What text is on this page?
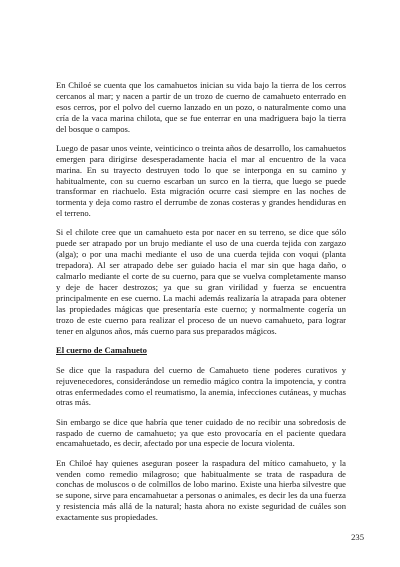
En Chiloé se cuenta que los camahuetos inician su vida bajo la tierra de los cerros cercanos al mar; y nacen a partir de un trozo de cuerno de camahueto enterrado en esos cerros, por el polvo del cuerno lanzado en un pozo, o naturalmente como una cría de la vaca marina chilota, que se fue enterrar en una madriguera bajo la tierra del bosque o campos.

Luego de pasar unos veinte, veinticinco o treinta años de desarrollo, los camahuetos emergen para dirigirse desesperadamente hacia el mar al encuentro de la vaca marina. En su trayecto destruyen todo lo que se interponga en su camino y habitualmente, con su cuerno escarban un surco en la tierra, que luego se puede transformar en riachuelo. Esta migración ocurre casi siempre en las noches de tormenta y deja como rastro el derrumbe de zonas costeras y grandes hendiduras en el terreno.

Si el chilote cree que un camahueto esta por nacer en su terreno, se dice que sólo puede ser atrapado por un brujo mediante el uso de una cuerda tejida con zargazo (alga); o por una machi mediante el uso de una cuerda tejida con voqui (planta trepadora). Al ser atrapado debe ser guiado hacia el mar sin que haga daño, o calmarlo mediante el corte de su cuerno, para que se vuelva completamente manso y deje de hacer destrozos; ya que su gran virilidad y fuerza se encuentra principalmente en ese cuerno. La machi además realizaría la atrapada para obtener las propiedades mágicas que presentaría este cuerno; y normalmente cogería un trozo de este cuerno para realizar el proceso de un nuevo camahueto, para lograr tener en algunos años, más cuerno para sus preparados mágicos.

El cuerno de Camahueto

Se dice que la raspadura del cuerno de Camahueto tiene poderes curativos y rejuvenecedores, considerándose un remedio mágico contra la impotencia, y contra otras enfermedades como el reumatismo, la anemia, infecciones cutáneas, y muchas otras más.

Sin embargo se dice que habría que tener cuidado de no recibir una sobredosis de raspado de cuerno de camahueto; ya que esto provocaría en el paciente quedara encamahuetado, es decir, afectado por una especie de locura violenta.

En Chiloé hay quienes aseguran poseer la raspadura del mítico camahueto, y la venden como remedio milagroso; que habitualmente se trata de raspadura de conchas de moluscos o de colmillos de lobo marino. Existe una hierba silvestre que se supone, sirve para encamahuetar a personas o animales, es decir les da una fuerza y resistencia más allá de la natural; hasta ahora no existe seguridad de cuáles son exactamente sus propiedades.

235
